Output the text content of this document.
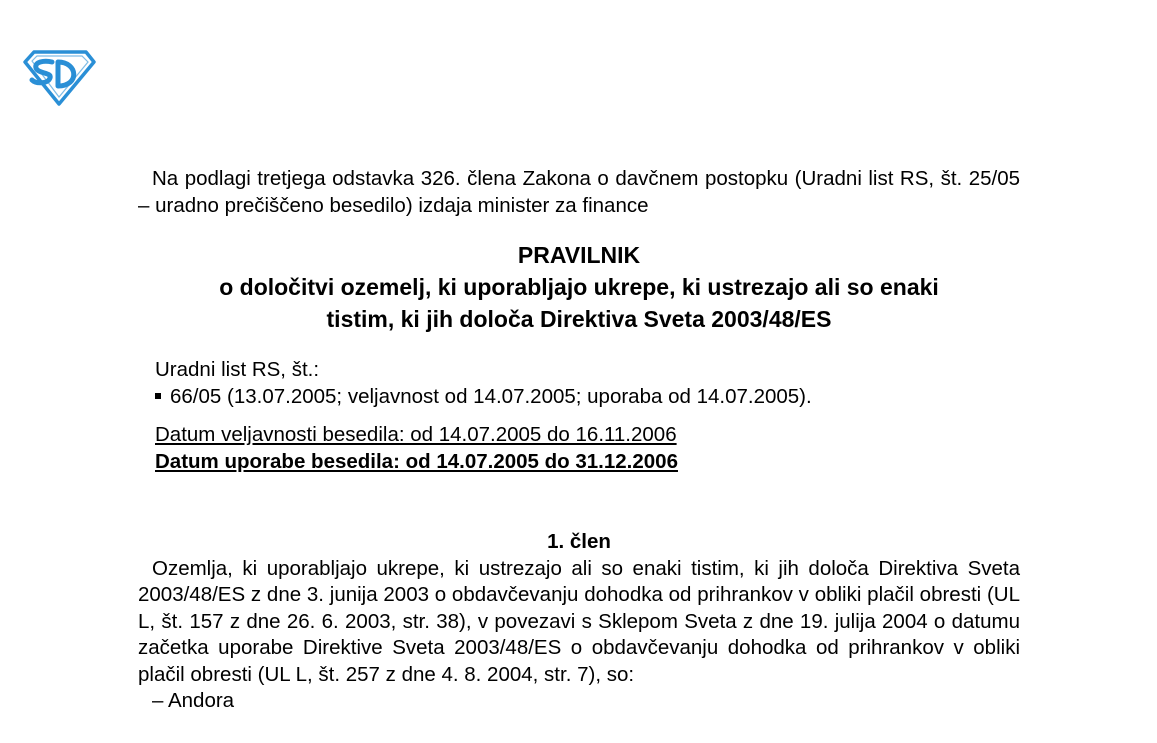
Na podlagi tretjega odstavka 326. člena Zakona o davčnem postopku (Uradni list RS, št. 25/05 – uradno prečiščeno besedilo) izdaja minister za finance

PRAVILNIK
o določitvi ozemelj, ki uporabljajo ukrepe, ki ustrezajo ali so enaki
tistim, ki jih določa Direktiva Sveta 2003/48/ES
Uradni list RS, št.:
66/05 (13.07.2005; veljavnost od 14.07.2005; uporaba od 14.07.2005).
Datum veljavnosti besedila: od 14.07.2005 do 16.11.2006
Datum uporabe besedila: od 14.07.2005 do 31.12.2006
1. člen

Ozemlja, ki uporabljajo ukrepe, ki ustrezajo ali so enaki tistim, ki jih določa Direktiva Sveta 2003/48/ES z dne 3. junija 2003 o obdavčevanju dohodka od prihrankov v obliki plačil obresti (UL L, št. 157 z dne 26. 6. 2003, str. 38), v povezavi s Sklepom Sveta z dne 19. julija 2004 o datumu začetka uporabe Direktive Sveta 2003/48/ES o obdavčevanju dohodka od prihrankov v obliki plačil obresti (UL L, št. 257 z dne 4. 8. 2004, str. 7), so:

– Andora
